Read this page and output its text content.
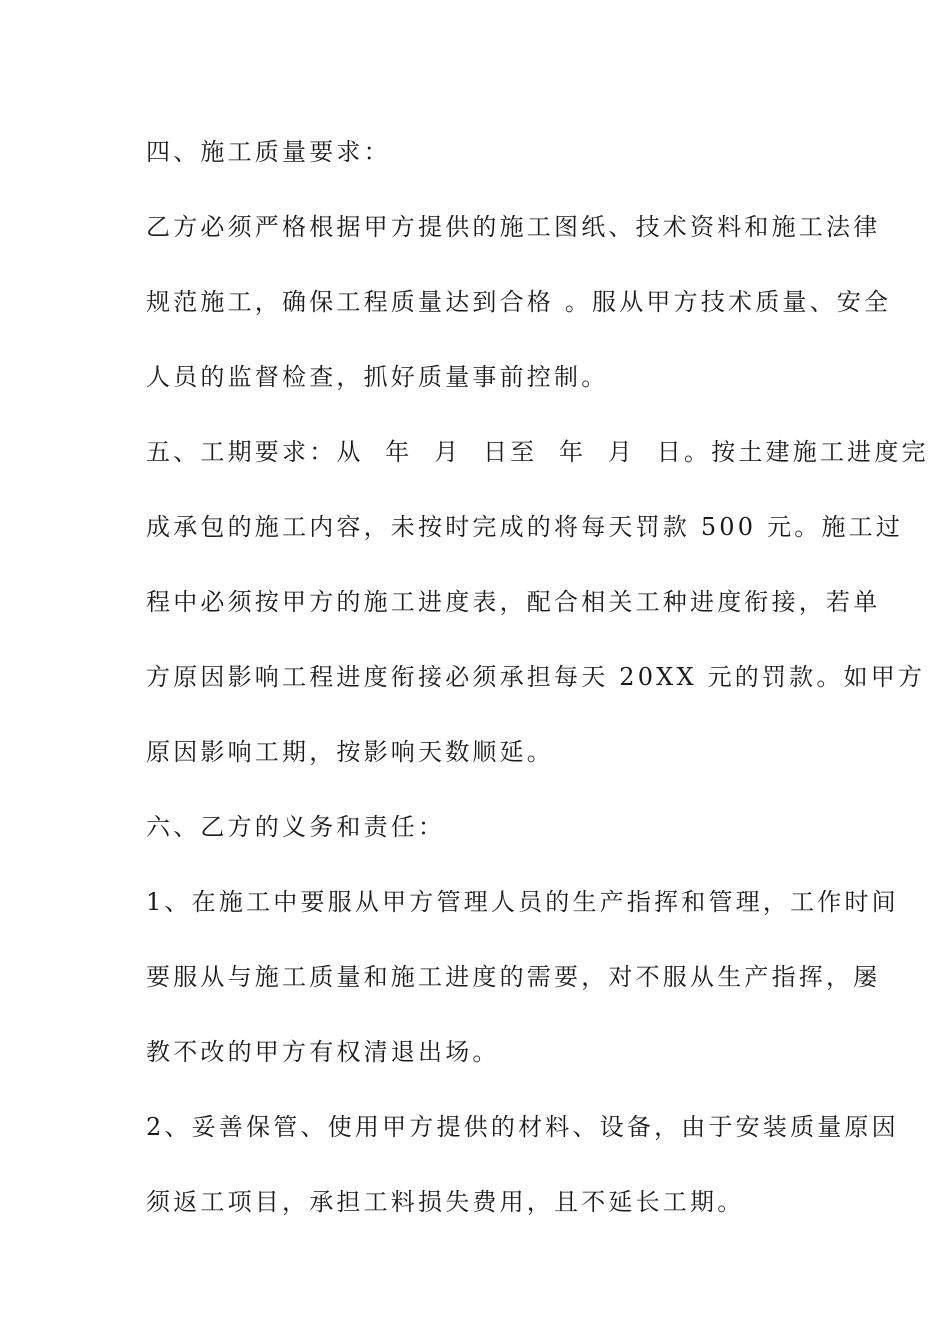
四、施工质量要求：
乙方必须严格根据甲方提供的施工图纸、技术资料和施工法律
规范施工，确保工程质量达到合格 。服从甲方技术质量、安全
人员的监督检查，抓好质量事前控制。
五、工期要求：从  年  月  日至  年  月  日。按土建施工进度完
成承包的施工内容，未按时完成的将每天罚款 500 元。施工过
程中必须按甲方的施工进度表，配合相关工种进度衔接，若单
方原因影响工程进度衔接必须承担每天 20XX 元的罚款。如甲方
原因影响工期，按影响天数顺延。
六、乙方的义务和责任：
1、在施工中要服从甲方管理人员的生产指挥和管理，工作时间
要服从与施工质量和施工进度的需要，对不服从生产指挥，屡
教不改的甲方有权清退出场。
2、妥善保管、使用甲方提供的材料、设备，由于安装质量原因
须返工项目，承担工料损失费用，且不延长工期。
